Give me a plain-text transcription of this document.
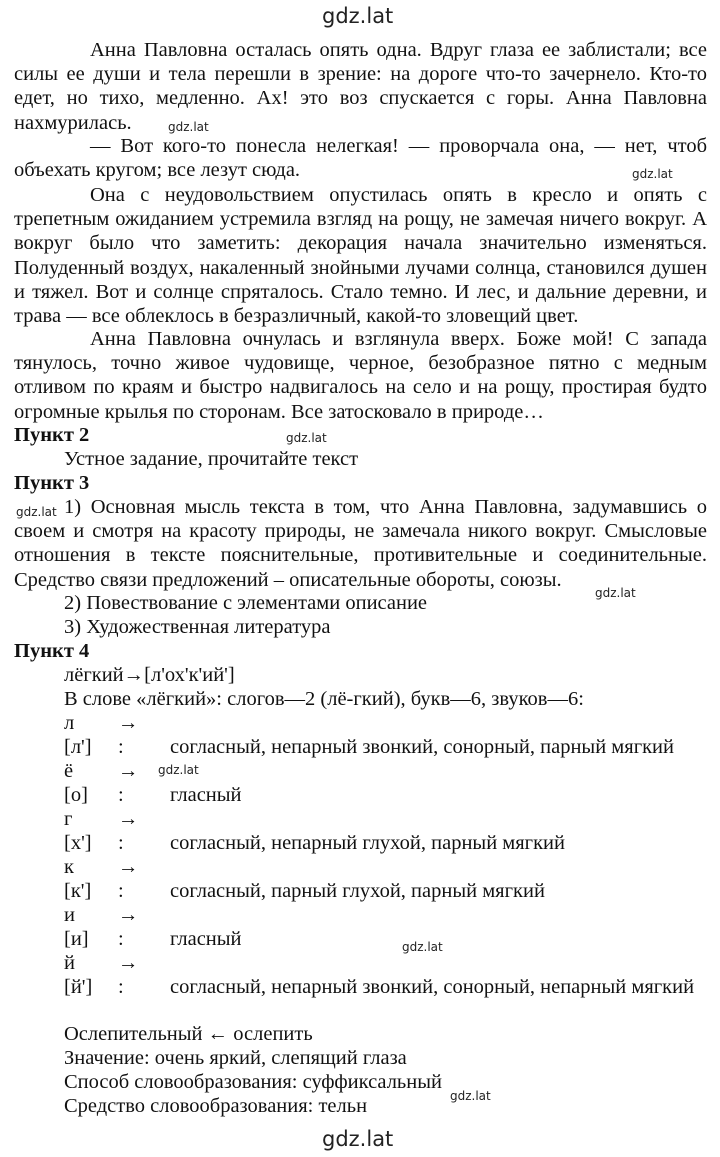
gdz.lat
gdz.lat
gdz.lat
gdz.lat
gdz.lat
gdz.lat
gdz.lat
gdz.lat
gdz.lat
gdz.lat

Анна Павловна осталась опять одна. Вдруг глаза ее заблистали; все силы ее души и тела перешли в зрение: на дороге что-то зачернело. Кто-то едет, но тихо, медленно. Ах! это воз спускается с горы. Анна Павловна нахмурилась.

— Вот кого-то понесла нелегкая! — проворчала она, — нет, чтоб объехать кругом; все лезут сюда.

Она с неудовольствием опустилась опять в кресло и опять с трепетным ожиданием устремила взгляд на рощу, не замечая ничего вокруг. А вокруг было что заметить: декорация начала значительно изменяться. Полуденный воздух, накаленный знойными лучами солнца, становился душен и тяжел. Вот и солнце спряталось. Стало темно. И лес, и дальние деревни, и трава — все облеклось в безразличный, какой-то зловещий цвет.

Анна Павловна очнулась и взглянула вверх. Боже мой! С запада тянулось, точно живое чудовище, черное, безобразное пятно с медным отливом по краям и быстро надвигалось на село и на рощу, простирая будто огромные крылья по сторонам. Все затосковало в природе…

Пункт 2
Устное задание, прочитайте текст
Пункт 3

1) Основная мысль текста в том, что Анна Павловна, задумавшись о своем и смотря на красоту природы, не замечала никого вокруг. Смысловые отношения в тексте пояснительные, противительные и соединительные. Средство связи предложений – описательные обороты, союзы.

2) Повествование с элементами описание
3) Художественная литература
Пункт 4
лёгкий→[л'ох'к'ий']
В слове «лёгкий»: слогов—2 (лё-гкий), букв—6, звуков—6:
л →
[л'] : согласный, непарный звонкий, сонорный, парный мягкий
ё →
[о] : гласный
г →
[х'] : согласный, непарный глухой, парный мягкий
к →
[к'] : согласный, парный глухой, парный мягкий
и →
[и] : гласный
й →
[й'] : согласный, непарный звонкий, сонорный, непарный мягкий
Ослепительный ← ослепить
Значение: очень яркий, слепящий глаза
Способ словообразования: суффиксальный
Средство словообразования: тельн
